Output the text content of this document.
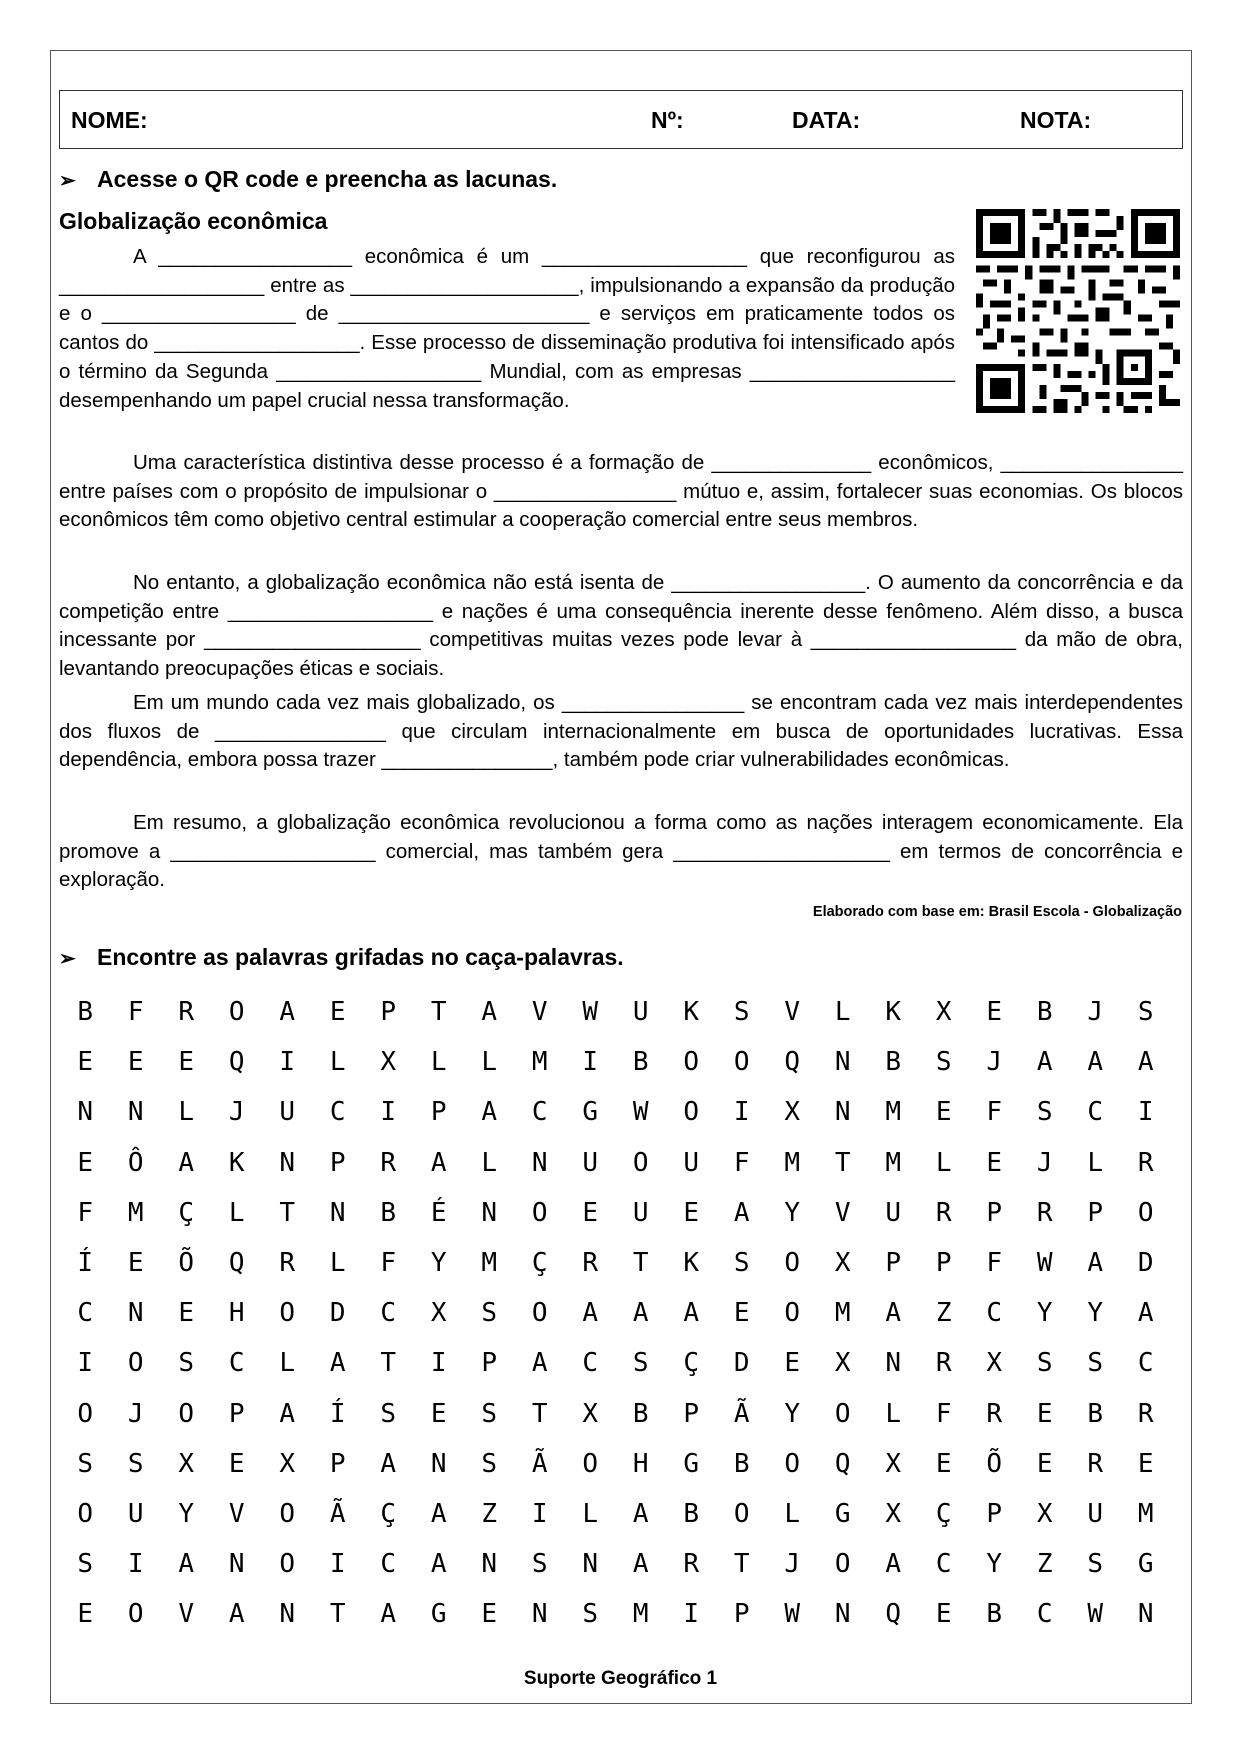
NOME:	Nº:	DATA:	NOTA:
➢ Acesse o QR code e preencha as lacunas.
Globalização econômica

A _________________ econômica é um __________________ que reconfigurou as __________________ entre as ____________________, impulsionando a expansão da produção e o _________________ de ______________________ e serviços em praticamente todos os cantos do __________________. Esse processo de disseminação produtiva foi intensificado após o término da Segunda __________________ Mundial, com as empresas __________________ desempenhando um papel crucial nessa transformação.

Uma característica distintiva desse processo é a formação de ______________ econômicos, ________________ entre países com o propósito de impulsionar o ________________ mútuo e, assim, fortalecer suas economias. Os blocos econômicos têm como objetivo central estimular a cooperação comercial entre seus membros.

No entanto, a globalização econômica não está isenta de _________________. O aumento da concorrência e da competição entre __________________ e nações é uma consequência inerente desse fenômeno. Além disso, a busca incessante por ___________________ competitivas muitas vezes pode levar à __________________ da mão de obra, levantando preocupações éticas e sociais.

Em um mundo cada vez mais globalizado, os ________________ se encontram cada vez mais interdependentes dos fluxos de _______________ que circulam internacionalmente em busca de oportunidades lucrativas. Essa dependência, embora possa trazer _______________, também pode criar vulnerabilidades econômicas.

Em resumo, a globalização econômica revolucionou a forma como as nações interagem economicamente. Ela promove a __________________ comercial, mas também gera ___________________ em termos de concorrência e exploração.

Elaborado com base em: Brasil Escola - Globalização
➢ Encontre as palavras grifadas no caça-palavras.
B	F	R	O	A	E	P	T	A	V	W	U	K	S	V	L	K	X	E	B	J	S
E	E	E	Q	I	L	X	L	L	M	I	B	O	O	Q	N	B	S	J	A	A	A
N	N	L	J	U	C	I	P	A	C	G	W	O	I	X	N	M	E	F	S	C	I
E	Ô	A	K	N	P	R	A	L	N	U	O	U	F	M	T	M	L	E	J	L	R
F	M	Ç	L	T	N	B	É	N	O	E	U	E	A	Y	V	U	R	P	R	P	O
Í	E	Õ	Q	R	L	F	Y	M	Ç	R	T	K	S	O	X	P	P	F	W	A	D
C	N	E	H	O	D	C	X	S	O	A	A	A	E	O	M	A	Z	C	Y	Y	A
I	O	S	C	L	A	T	I	P	A	C	S	Ç	D	E	X	N	R	X	S	S	C
O	J	O	P	A	Í	S	E	S	T	X	B	P	Ã	Y	O	L	F	R	E	B	R
S	S	X	E	X	P	A	N	S	Ã	O	H	G	B	O	Q	X	E	Õ	E	R	E
O	U	Y	V	O	Ã	Ç	A	Z	I	L	A	B	O	L	G	X	Ç	P	X	U	M
S	I	A	N	O	I	C	A	N	S	N	A	R	T	J	O	A	C	Y	Z	S	G
E	O	V	A	N	T	A	G	E	N	S	M	I	P	W	N	Q	E	B	C	W	N
Suporte Geográfico 1
